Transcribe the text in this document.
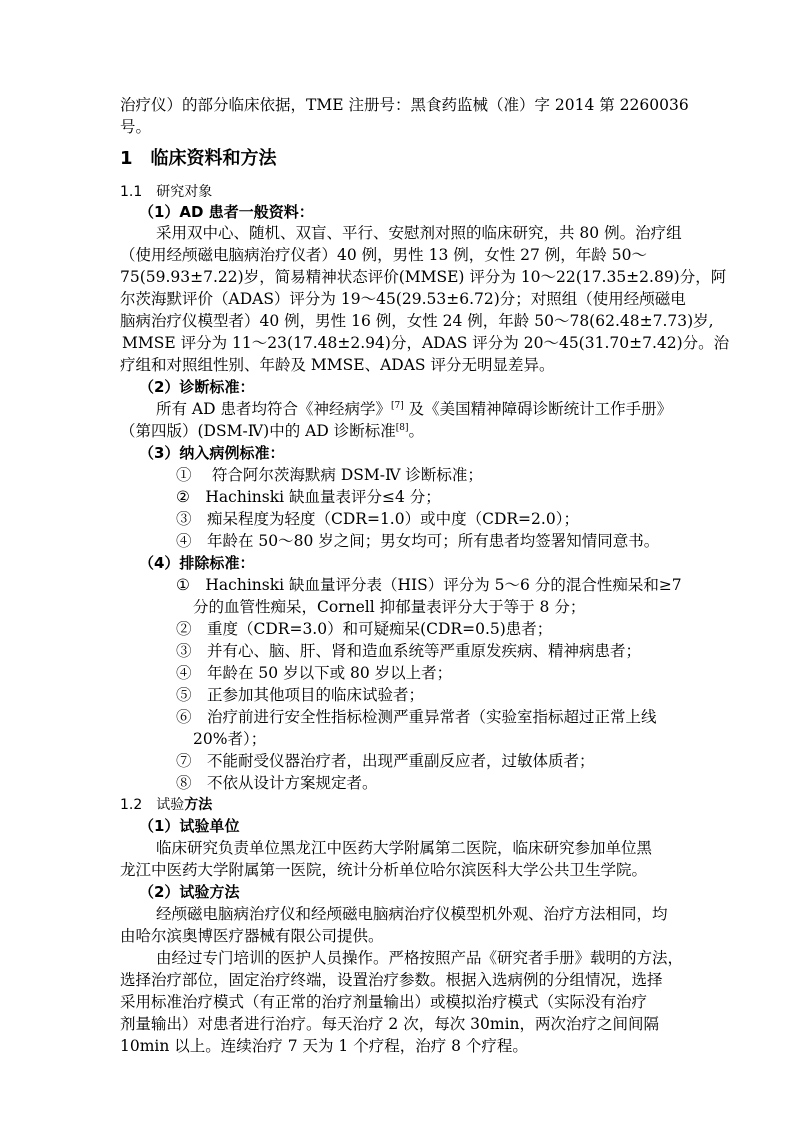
治疗仪）的部分临床依据，TME 注册号：黑食药监械（准）字 2014 第 2260036
号。
1　临床资料和方法
1.1　研究对象
（1）AD 患者一般资料：
采用双中心、随机、双盲、平行、安慰剂对照的临床研究，共 80 例。治疗组
（使用经颅磁电脑病治疗仪者）40 例，男性 13 例，女性 27 例，年龄 50～
75(59.93±7.22)岁，简易精神状态评价(MMSE) 评分为 10～22(17.35±2.89)分，阿
尔茨海默评价（ADAS）评分为 19～45(29.53±6.72)分；对照组（使用经颅磁电
脑病治疗仪模型者）40 例，男性 16 例，女性 24 例，年龄 50～78(62.48±7.73)岁,
MMSE 评分为 11～23(17.48±2.94)分，ADAS 评分为 20～45(31.70±7.42)分。治
疗组和对照组性别、年龄及 MMSE、ADAS 评分无明显差异。
（2）诊断标准：
所有 AD 患者均符合《神经病学》[7] 及《美国精神障碍诊断统计工作手册》
（第四版）(DSM-Ⅳ)中的 AD 诊断标准[8]。
（3）纳入病例标准：
①　 符合阿尔茨海默病 DSM-Ⅳ 诊断标准；
②　Hachinski 缺血量表评分≤4 分；
③　痴呆程度为轻度（CDR=1.0）或中度（CDR=2.0）；
④　年龄在 50～80 岁之间；男女均可；所有患者均签署知情同意书。
（4）排除标准：
①　Hachinski 缺血量评分表（HIS）评分为 5～6 分的混合性痴呆和≥7
分的血管性痴呆，Cornell 抑郁量表评分大于等于 8 分；
②　重度（CDR=3.0）和可疑痴呆(CDR=0.5)患者；
③　并有心、脑、肝、肾和造血系统等严重原发疾病、精神病患者；
④　年龄在 50 岁以下或 80 岁以上者；
⑤　正参加其他项目的临床试验者；
⑥　治疗前进行安全性指标检测严重异常者（实验室指标超过正常上线
20%者）；
⑦　不能耐受仪器治疗者，出现严重副反应者，过敏体质者；
⑧　不依从设计方案规定者。
1.2　试验方法
（1）试验单位
临床研究负责单位黑龙江中医药大学附属第二医院，临床研究参加单位黑
龙江中医药大学附属第一医院，统计分析单位哈尔滨医科大学公共卫生学院。
（2）试验方法
经颅磁电脑病治疗仪和经颅磁电脑病治疗仪模型机外观、治疗方法相同，均
由哈尔滨奥博医疗器械有限公司提供。
由经过专门培训的医护人员操作。严格按照产品《研究者手册》载明的方法，
选择治疗部位，固定治疗终端，设置治疗参数。根据入选病例的分组情况，选择
采用标准治疗模式（有正常的治疗剂量输出）或模拟治疗模式（实际没有治疗
剂量输出）对患者进行治疗。每天治疗 2 次，每次 30min，两次治疗之间间隔
10min 以上。连续治疗 7 天为 1 个疗程，治疗 8 个疗程。
